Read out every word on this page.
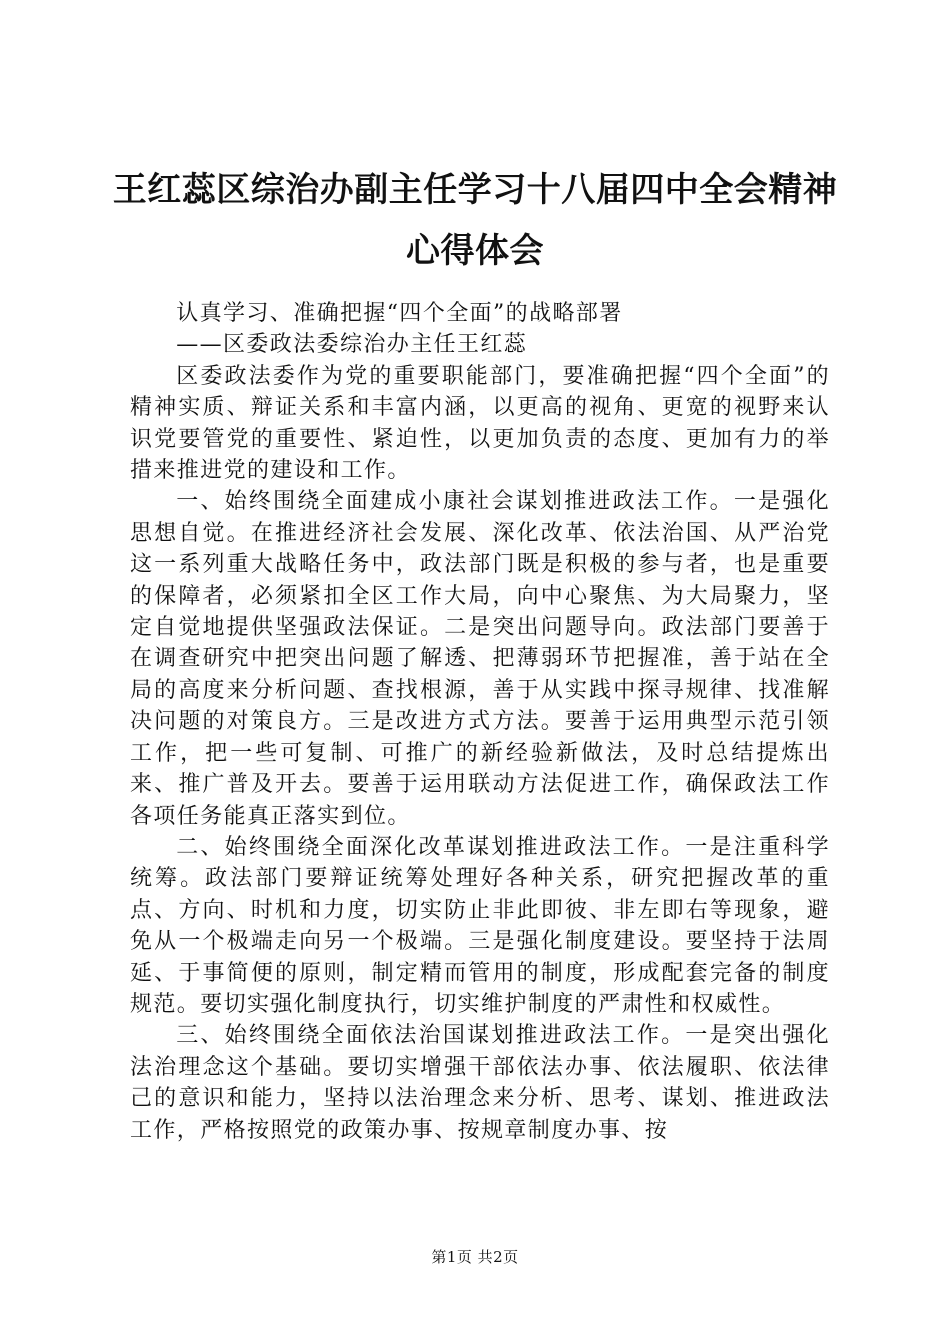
王红蕊区综治办副主任学习十八届四中全会精神心得体会

认真学习、准确把握“四个全面”的战略部署

——区委政法委综治办主任王红蕊

区委政法委作为党的重要职能部门，要准确把握“四个全面”的精神实质、辩证关系和丰富内涵，以更高的视角、更宽的视野来认识党要管党的重要性、紧迫性，以更加负责的态度、更加有力的举措来推进党的建设和工作。

一、始终围绕全面建成小康社会谋划推进政法工作。一是强化思想自觉。在推进经济社会发展、深化改革、依法治国、从严治党这一系列重大战略任务中，政法部门既是积极的参与者，也是重要的保障者，必须紧扣全区工作大局，向中心聚焦、为大局聚力，坚定自觉地提供坚强政法保证。二是突出问题导向。政法部门要善于在调查研究中把突出问题了解透、把薄弱环节把握准，善于站在全局的高度来分析问题、查找根源，善于从实践中探寻规律、找准解决问题的对策良方。三是改进方式方法。要善于运用典型示范引领工作，把一些可复制、可推广的新经验新做法，及时总结提炼出来、推广普及开去。要善于运用联动方法促进工作，确保政法工作各项任务能真正落实到位。

二、始终围绕全面深化改革谋划推进政法工作。一是注重科学统筹。政法部门要辩证统筹处理好各种关系，研究把握改革的重点、方向、时机和力度，切实防止非此即彼、非左即右等现象，避免从一个极端走向另一个极端。三是强化制度建设。要坚持于法周延、于事简便的原则，制定精而管用的制度，形成配套完备的制度规范。要切实强化制度执行，切实维护制度的严肃性和权威性。

三、始终围绕全面依法治国谋划推进政法工作。一是突出强化法治理念这个基础。要切实增强干部依法办事、依法履职、依法律己的意识和能力，坚持以法治理念来分析、思考、谋划、推进政法工作，严格按照党的政策办事、按规章制度办事、按

第1页 共2页
